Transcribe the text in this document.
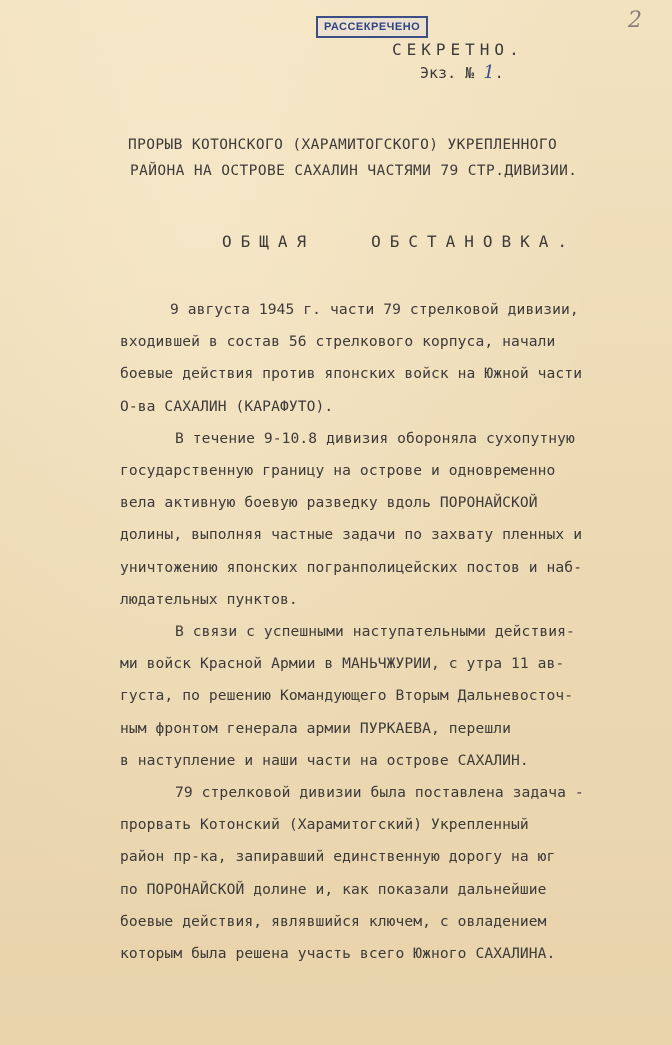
РАССЕКРЕЧЕНО	2
СЕКРЕТНО.
Экз. № 1.
ПРОРЫВ КОТОНСКОГО (ХАРАМИТОГСКОГО) УКРЕПЛЕННОГО
РАЙОНА НА ОСТРОВЕ САХАЛИН ЧАСТЯМИ 79 СТР.ДИВИЗИИ.
ОБЩАЯ   ОБСТАНОВКА.
9 августа 1945 г. части 79 стрелковой дивизии,
входившей в состав 56 стрелкового корпуса, начали
боевые действия против японских войск на Южной части
О-ва САХАЛИН (КАРАФУТО).
В течение 9-10.8 дивизия обороняла сухопутную
государственную границу на острове и одновременно
вела активную боевую разведку вдоль ПОРОНАЙСКОЙ
долины, выполняя частные задачи по захвату пленных и
уничтожению японских погранполицейских постов и наб-
людательных пунктов.
В связи с успешными наступательными действия-
ми войск Красной Армии в МАНЬЧЖУРИИ, с утра 11 ав-
густа, по решению Командующего Вторым Дальневосточ-
ным фронтом генерала армии ПУРКАЕВА, перешли
в наступление и наши части на острове САХАЛИН.
79 стрелковой дивизии была поставлена задача -
прорвать Котонский (Харамитогский) Укрепленный
район пр-ка, запиравший единственную дорогу на юг
по ПОРОНАЙСКОЙ долине и, как показали дальнейшие
боевые действия, являвшийся ключем, с овладением
которым была решена участь всего Южного САХАЛИНА.
